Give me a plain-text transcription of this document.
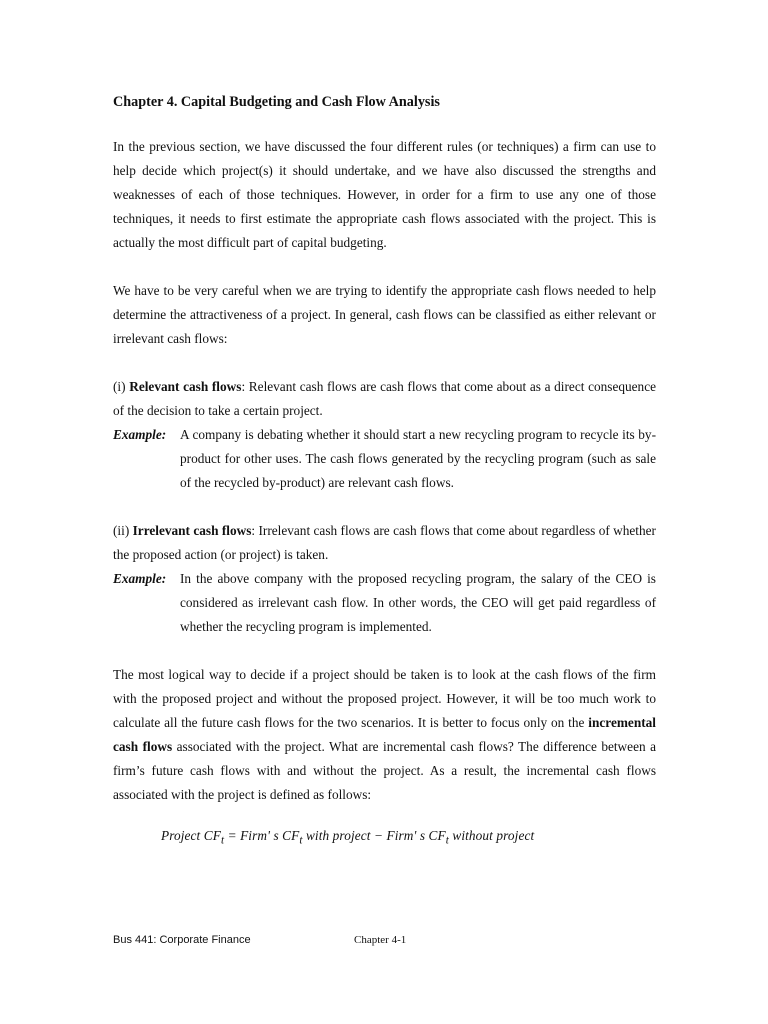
Chapter 4. Capital Budgeting and Cash Flow Analysis

In the previous section, we have discussed the four different rules (or techniques) a firm can use to help decide which project(s) it should undertake, and we have also discussed the strengths and weaknesses of each of those techniques. However, in order for a firm to use any one of those techniques, it needs to first estimate the appropriate cash flows associated with the project. This is actually the most difficult part of capital budgeting.

We have to be very careful when we are trying to identify the appropriate cash flows needed to help determine the attractiveness of a project. In general, cash flows can be classified as either relevant or irrelevant cash flows:

(i) Relevant cash flows: Relevant cash flows are cash flows that come about as a direct consequence of the decision to take a certain project.

Example:	A company is debating whether it should start a new recycling program to recycle its by-product for other uses. The cash flows generated by the recycling program (such as sale of the recycled by-product) are relevant cash flows.

(ii) Irrelevant cash flows: Irrelevant cash flows are cash flows that come about regardless of whether the proposed action (or project) is taken.

Example:	In the above company with the proposed recycling program, the salary of the CEO is considered as irrelevant cash flow. In other words, the CEO will get paid regardless of whether the recycling program is implemented.

The most logical way to decide if a project should be taken is to look at the cash flows of the firm with the proposed project and without the proposed project. However, it will be too much work to calculate all the future cash flows for the two scenarios. It is better to focus only on the incremental cash flows associated with the project. What are incremental cash flows? The difference between a firm’s future cash flows with and without the project. As a result, the incremental cash flows associated with the project is defined as follows:

Project $CF_t$ = Firm' s $CF_t$ with project − Firm' s $CF_t$ without project
Bus 441: Corporate Finance	Chapter 4-1
